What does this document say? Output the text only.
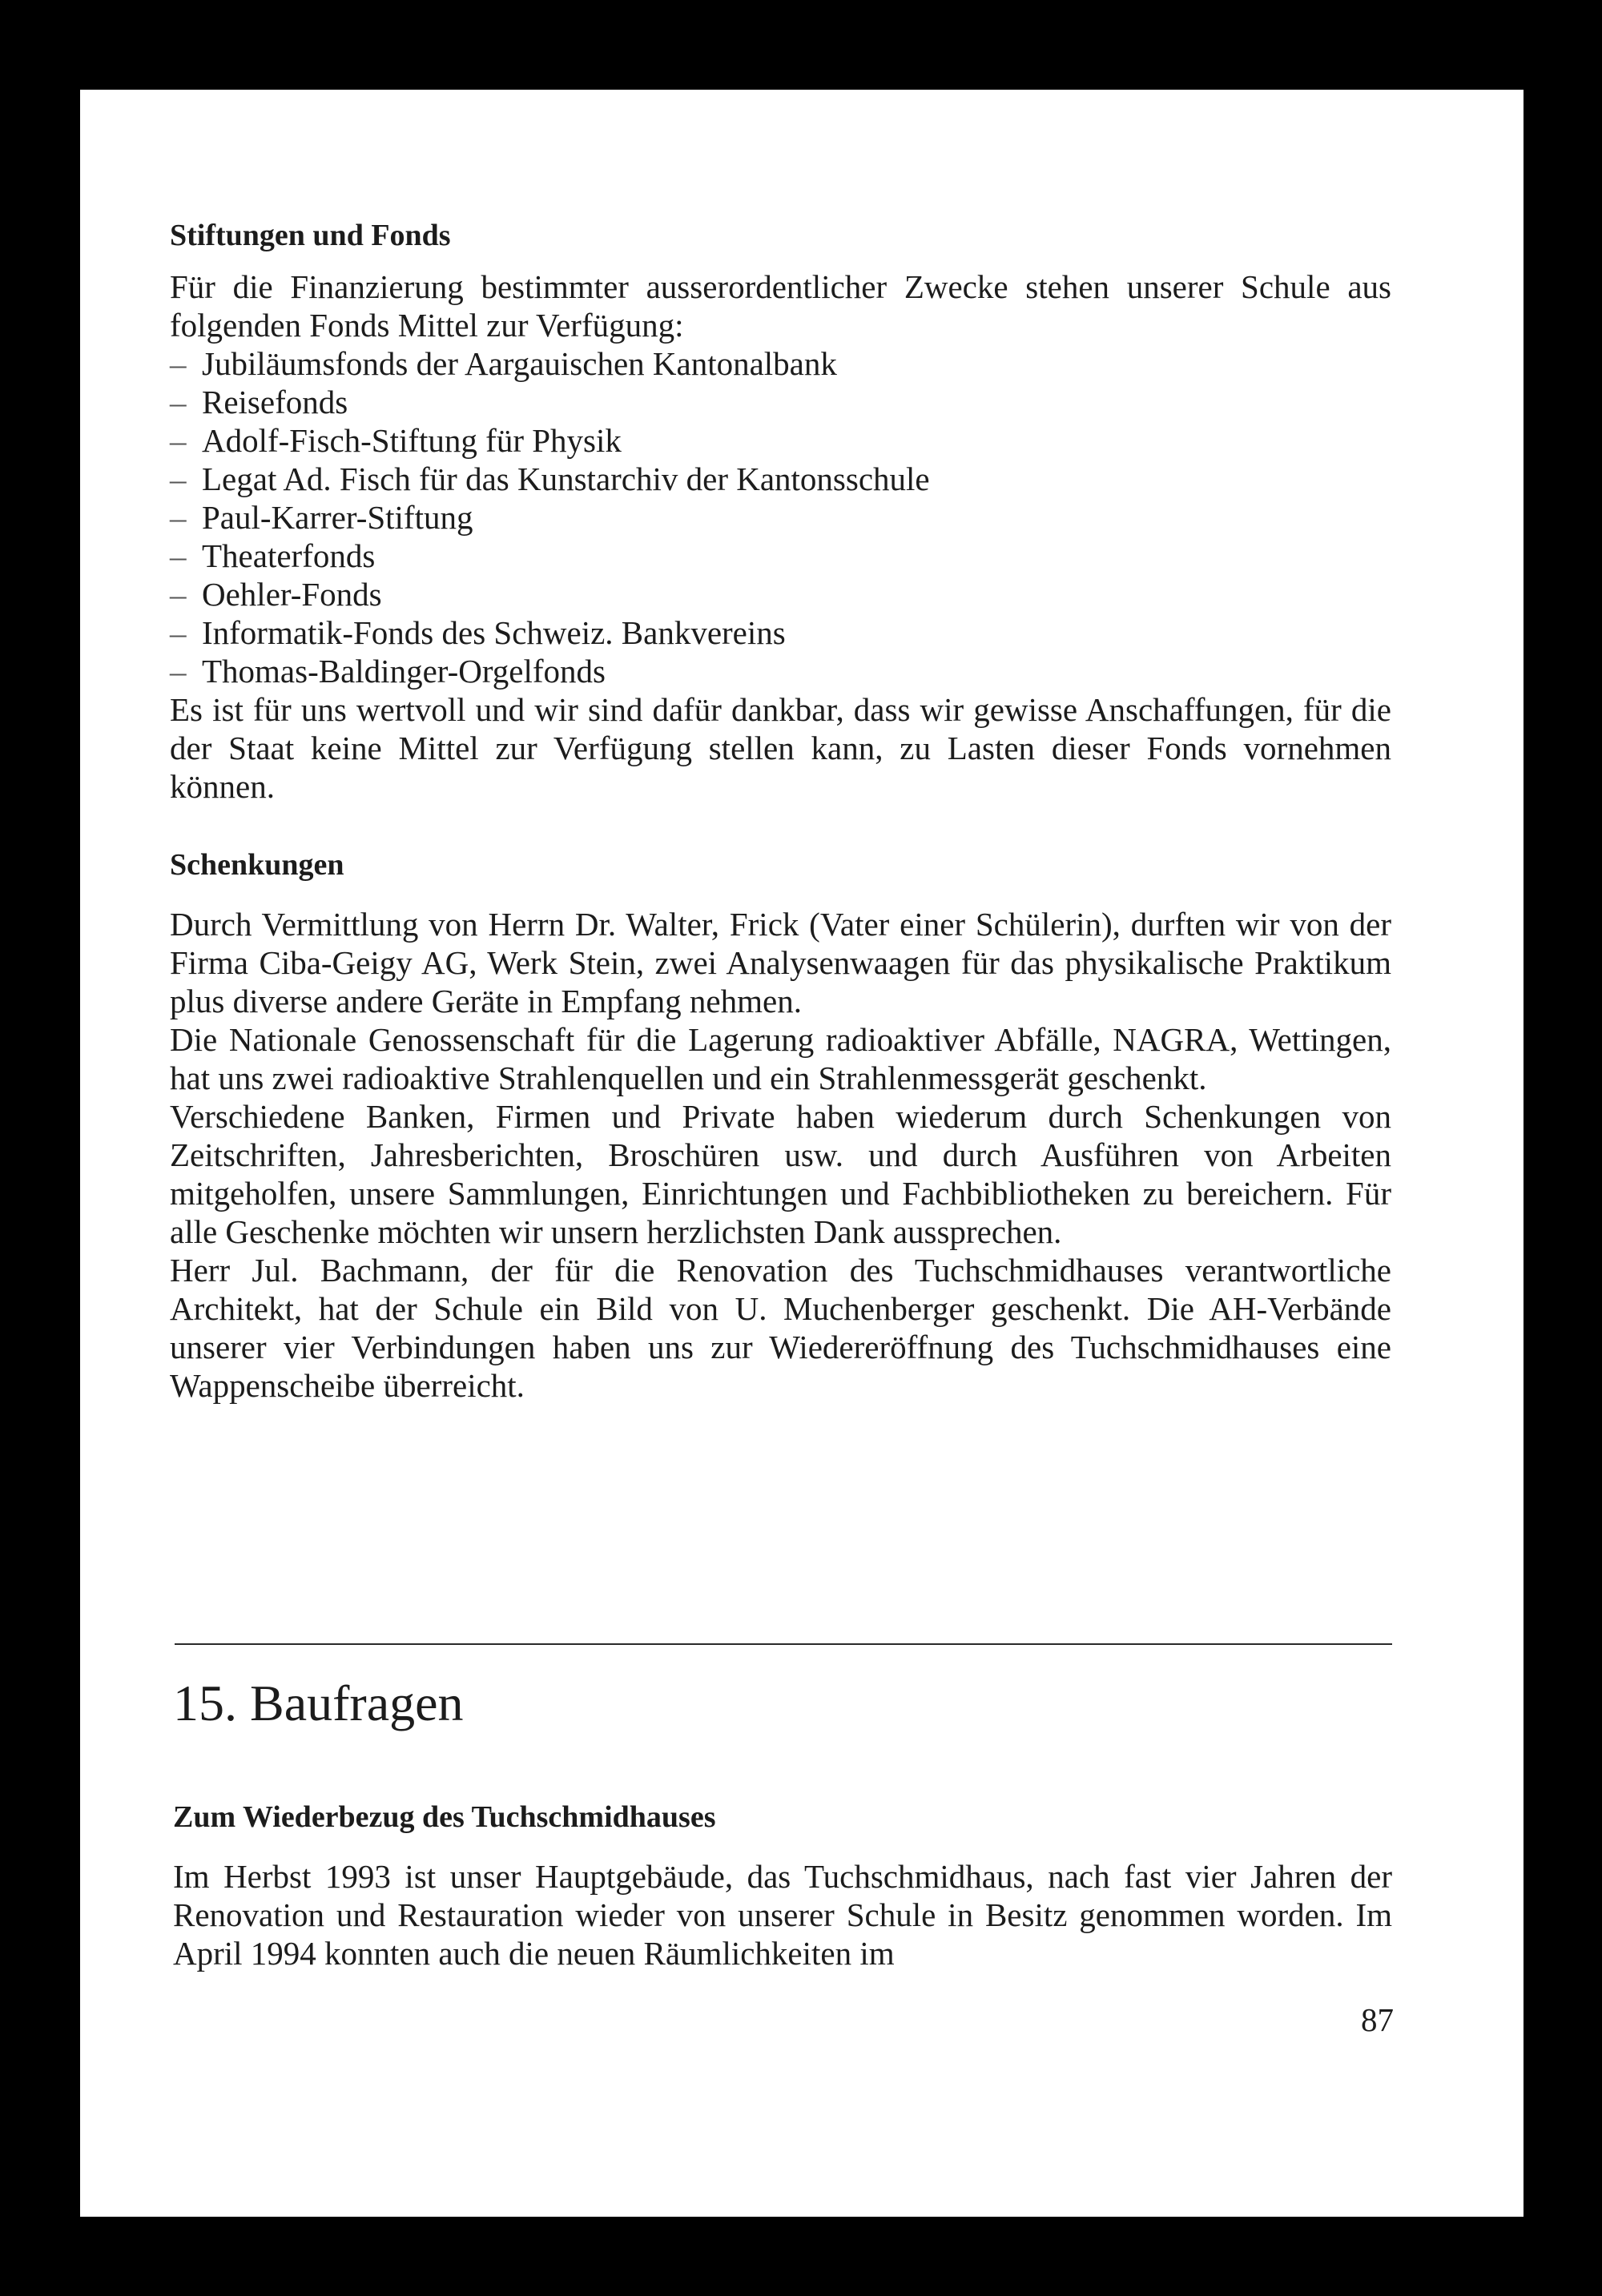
Stiftungen und Fonds

Für die Finanzierung bestimmter ausserordentlicher Zwecke stehen unserer Schule aus folgenden Fonds Mittel zur Verfügung:

– Jubiläumsfonds der Aargauischen Kantonalbank
– Reisefonds
– Adolf-Fisch-Stiftung für Physik
– Legat Ad. Fisch für das Kunstarchiv der Kantonsschule
– Paul-Karrer-Stiftung
– Theaterfonds
– Oehler-Fonds
– Informatik-Fonds des Schweiz. Bankvereins
– Thomas-Baldinger-Orgelfonds

Es ist für uns wertvoll und wir sind dafür dankbar, dass wir gewisse Anschaffungen, für die der Staat keine Mittel zur Verfügung stellen kann, zu Lasten dieser Fonds vornehmen können.

Schenkungen

Durch Vermittlung von Herrn Dr. Walter, Frick (Vater einer Schülerin), durften wir von der Firma Ciba-Geigy AG, Werk Stein, zwei Analysenwaagen für das physikalische Praktikum plus diverse andere Geräte in Empfang nehmen.

Die Nationale Genossenschaft für die Lagerung radioaktiver Abfälle, NAGRA, Wettingen, hat uns zwei radioaktive Strahlenquellen und ein Strahlenmessgerät geschenkt.

Verschiedene Banken, Firmen und Private haben wiederum durch Schenkungen von Zeitschriften, Jahresberichten, Broschüren usw. und durch Ausführen von Arbeiten mitgeholfen, unsere Sammlungen, Einrichtungen und Fachbibliotheken zu bereichern. Für alle Geschenke möchten wir unsern herzlichsten Dank aussprechen.

Herr Jul. Bachmann, der für die Renovation des Tuchschmidhauses verantwortliche Architekt, hat der Schule ein Bild von U. Muchenberger geschenkt. Die AH-Verbände unserer vier Verbindungen haben uns zur Wiedereröffnung des Tuchschmidhauses eine Wappenscheibe überreicht.

15. Baufragen
Zum Wiederbezug des Tuchschmidhauses

Im Herbst 1993 ist unser Hauptgebäude, das Tuchschmidhaus, nach fast vier Jahren der Renovation und Restauration wieder von unserer Schule in Besitz genommen worden. Im April 1994 konnten auch die neuen Räumlichkeiten im

87
